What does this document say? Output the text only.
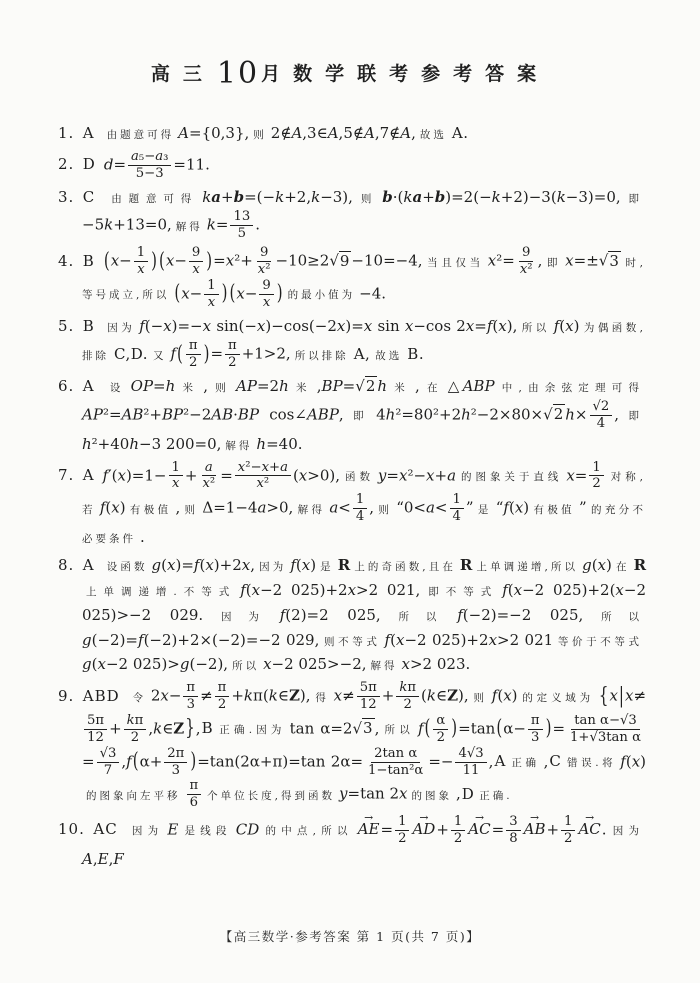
高三10 月数学联考参考答案
1. A 由题意可得 A={0,3}, 则 2∉A,3∈A,5∉A,7∉A, 故选 A.
2. D $d= \frac{\text{a₅−a₃}}{5-3} =11$.
3. C 由题意可得 ka+b=(−k+2,k−3), 则 b·(ka+b)=2(−k+2)−3(k−3)=0, 即−5k+13=0, 解得 $k= \frac{13}{5}$ .
4. B ($x- \frac{1}{x}$ ) $(x- \frac{9}{x} )=x^2+ \frac{9}{\text{x²}} -10\ge 2√9 -10=-4$, 当且仅当 $x^2= \frac{9}{\text{x²}}$ , 即 x=±√3 时,等号成立,所以 ($x- \frac{1}{x}$ ) ($x- \frac{9}{x}$ ) 的最小值为 −4.
5. B 因为 f(−x)=−x sin(−x)−cos(−2x)=x sin x−cos 2x=f(x), 所以 f(x) 为偶函数,排除 C,D. 又 $f( \frac{\pi}{2}$ )= $\frac{\pi}{2} +1>2$, 所以排除 A, 故选 B.
6. A 设 OP=h 米 , 则 AP=2h 米 ,BP=√2 h 米 , 在 △ABP 中,由余弦定理可得AP²=AB²+BP²−2AB·BP cos∠ABP, 即 4h²=80²+2h²−2×80×√2 $h\times \frac{√2}{4}$ , 即h²+40h−3 200=0, 解得 h=40.
7. A $f'(x)=1- \frac{1}{x} + \frac{a}{\text{x²}} = \frac{\text{x²−x+a}}{\text{x²}} (x>0)$, 函数 y=x²−x+a 的图象关于直线 $x= \frac{1}{2}$ 对称,若 f(x) 有极值 , 则 Δ=1−4a>0, 解得 $a< \frac{1}{4}$ , 则 “$0<a< \frac{1}{4}$ ” 是 “f(x) 有极值 ” 的充分不必要条件 .
8. A 设函数 g(x)=f(x)+2x, 因为 f(x) 是 R 上的奇函数,且在 R 上单调递增,所以 g(x) 在 R上单调递增.不等式 f(x−2 025)+2x>2 021, 即不等式 f(x−2 025)+2(x−2 025)>−2 029. 因为 f(2)=2 025, 所以 f(−2)=−2 025, 所以g(−2)=f(−2)+2×(−2)=−2 029, 则不等式 f(x−2 025)+2x>2 021 等价于不等式g(x−2 025)>g(−2), 所以 x−2 025>−2, 解得 x>2 023.
9. ABD 令 $2x- \frac{\pi}{3} \ne \frac{\pi}{2}$ +kπ(k∈Z), 得 $x\ne \frac{5\pi}{12} + \frac{k\pi}{2}$ (k∈Z), 则 f(x) 的定义域为 {x|x≠
$\frac{5\pi}{12} + \frac{k\pi}{2}$ ,k∈Z},B 正确.因为 tan α=2√3 , 所以 $f( \frac{\alpha}{2} )=\tan(\alpha- \frac{\pi}{3}$ )= $\frac{\text{tan α−√3}}{\text{1+√3tan α}}$
= $\frac{√3}{7} ,f(\alpha+ \frac{2\pi}{3} )=\tan(2\alpha+\pi)=\tan$ $2\alpha= \frac{\text{2tan α}}{\text{1−tan²α}} =- \frac{4√3}{11} ,A$ 正确 ,C 错误.将 f(x)的图象向左平移 $\frac{\pi}{6}$ 个单位长度,得到函数 y=tan 2x 的图象 ,D 正确.
10. AC 因为 E 是线段 CD 的中点,所以 → $AE= \frac{1}{2} \to AD+ \frac{1}{2} \to AC= \frac{3}{8} \to AB+ \frac{1}{2}$ → AC. 因为A,E,F
【高三数学·参考答案 第 1 页(共 7 页)】
